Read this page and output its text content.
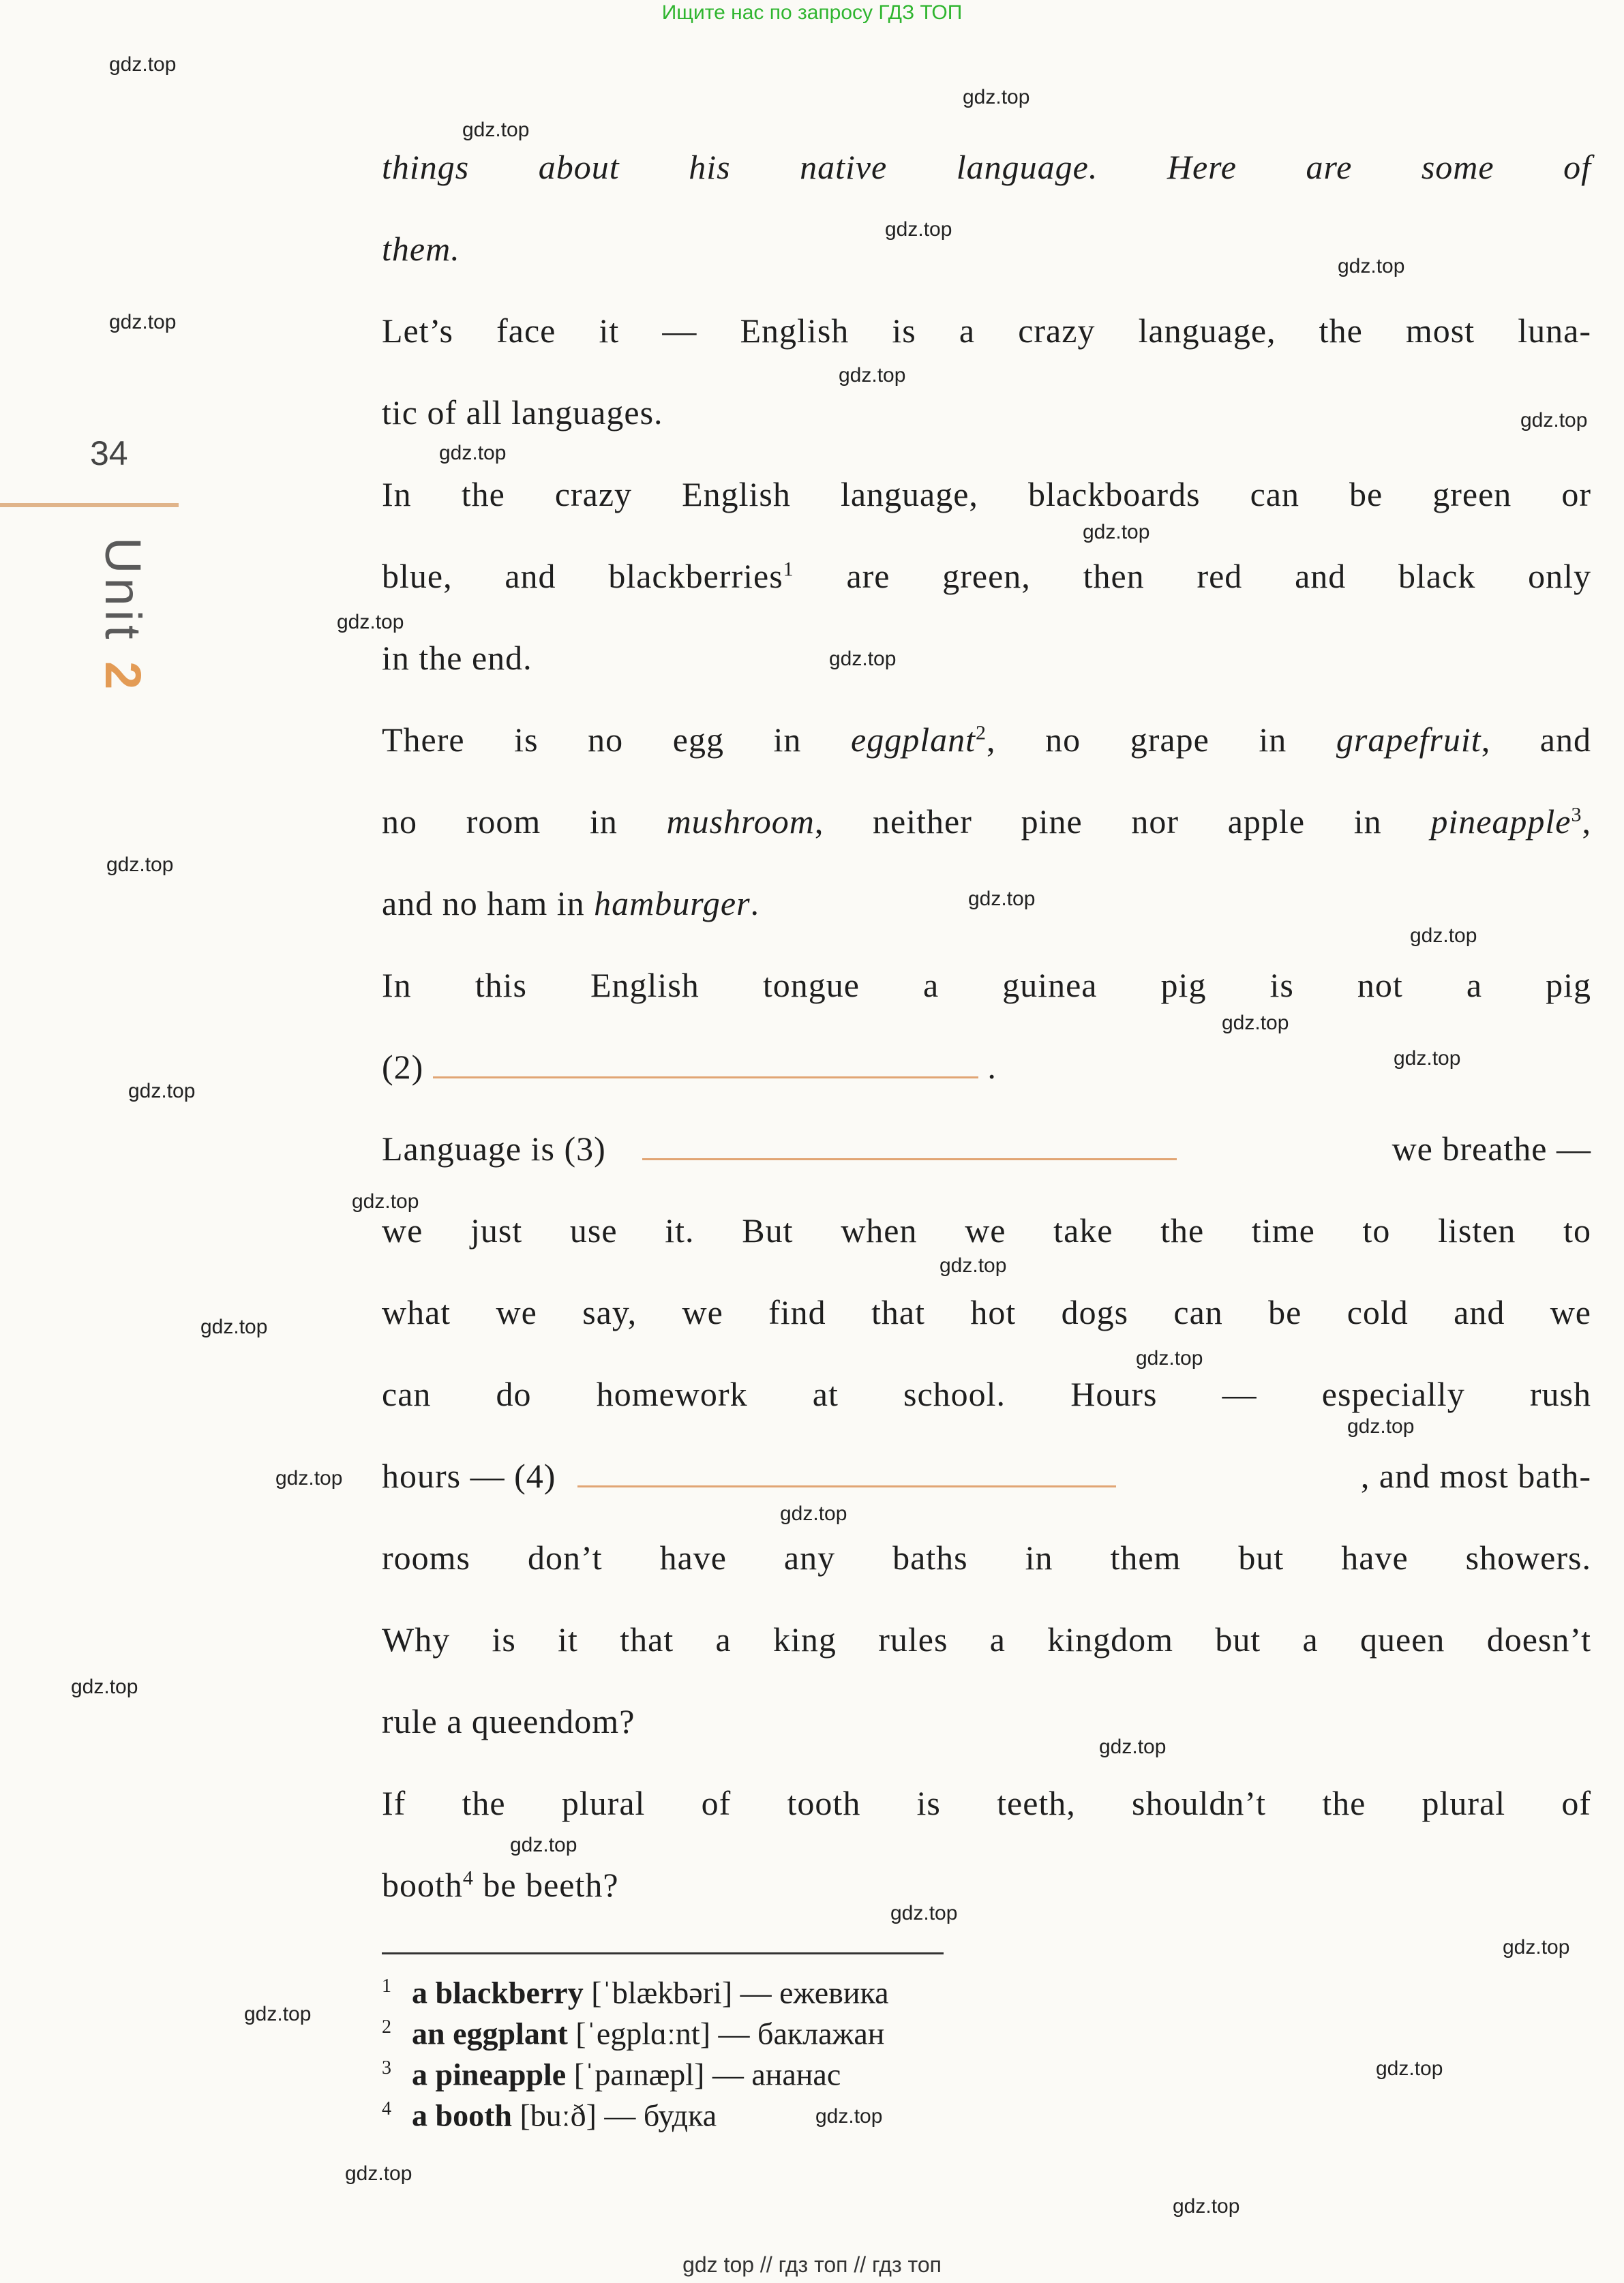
Ищите нас по запросу ГДЗ ТОП
34
Unit 2
gdz.top
gdz.top
gdz.top
gdz.top
gdz.top
gdz.top
gdz.top
gdz.top
gdz.top
gdz.top
gdz.top
gdz.top
gdz.top
gdz.top
gdz.top
gdz.top
gdz.top
gdz.top
gdz.top
gdz.top
gdz.top
gdz.top
gdz.top
gdz.top
gdz.top
gdz.top
gdz.top
gdz.top
gdz.top
gdz.top
gdz.top
gdz.top
gdz.top
gdz.top
gdz.top
things about his native language. Here are some of
them.
Let’s face it — English is a crazy language, the most luna-
tic of all languages.
In the crazy English language, blackboards can be green or
blue, and blackberries$^1$ are green, then red and black only
in the end.
There is no egg in eggplant$^2$, no grape in grapefruit, and
no room in mushroom, neither pine nor apple in pineapple$^3$,
and no ham in hamburger.
In this English tongue a guinea pig is not a pig
(2)	.
Language is (3)	we breathe —
we just use it. But when we take the time to listen to
what we say, we find that hot dogs can be cold and we
can do homework at school. Hours — especially rush
hours — (4)	, and most bath-
rooms don’t have any baths in them but have showers.
Why is it that a king rules a kingdom but a queen doesn’t
rule a queendom?
If the plural of tooth is teeth, shouldn’t the plural of
booth$^4$ be beeth?
1 a blackberry [ˈblækbəri] — ежевика
2 an eggplant [ˈegplɑːnt] — баклажан
3 a pineapple [ˈpaɪnæpl] — ананас
4 a booth [buːð] — будка
gdz top // гдз топ // гдз топ
